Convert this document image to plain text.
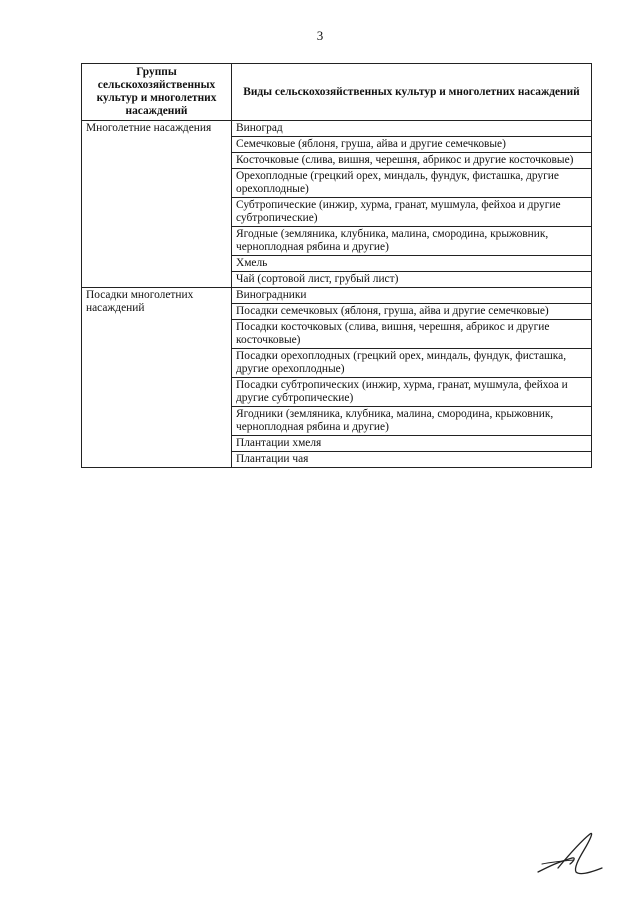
3
Группы сельскохозяйственных культур и многолетних насаждений	Виды сельскохозяйственных культур и многолетних насаждений
Многолетние насаждения	Виноград
	Семечковые (яблоня, груша, айва и другие семечковые)
	Косточковые (слива, вишня, черешня, абрикос и другие косточковые)
	Орехоплодные (грецкий орех, миндаль, фундук, фисташка, другие орехоплодные)
	Субтропические (инжир, хурма, гранат, мушмула, фейхоа и другие субтропические)
	Ягодные (земляника, клубника, малина, смородина, крыжовник, черноплодная рябина и другие)
	Хмель
	Чай (сортовой лист, грубый лист)
Посадки многолетних насаждений	Виноградники
	Посадки семечковых (яблоня, груша, айва и другие семечковые)
	Посадки косточковых (слива, вишня, черешня, абрикос и другие косточковые)
	Посадки орехоплодных (грецкий орех, миндаль, фундук, фисташка, другие орехоплодные)
	Посадки субтропических (инжир, хурма, гранат, мушмула, фейхоа и другие субтропические)
	Ягодники (земляника, клубника, малина, смородина, крыжовник, черноплодная рябина и другие)
	Плантации хмеля
	Плантации чая
